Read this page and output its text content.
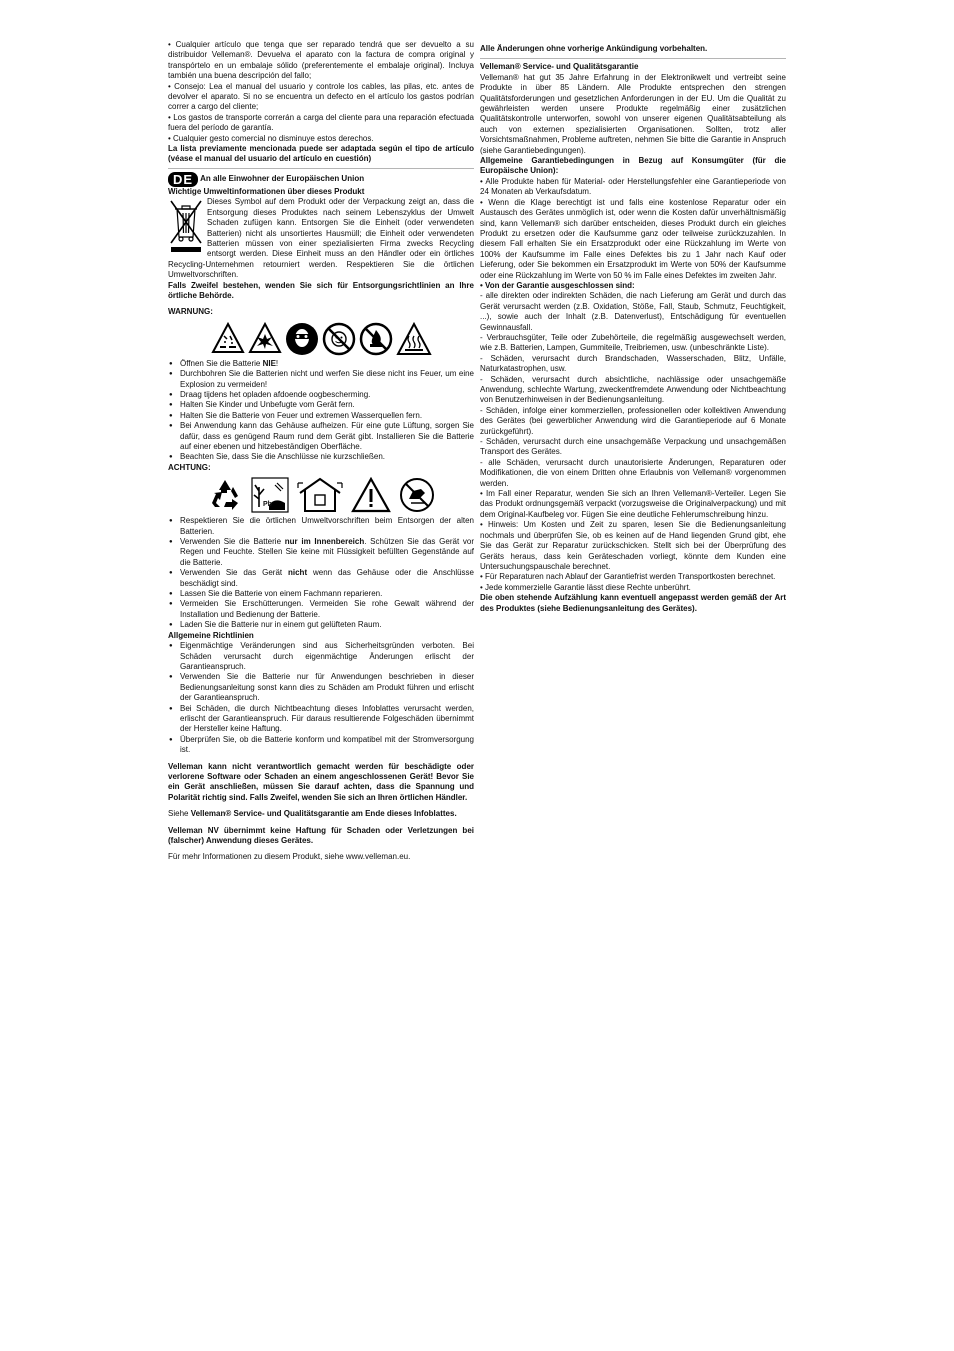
• Cualquier artículo que tenga que ser reparado tendrá que ser devuelto a su distribuidor Velleman®. Devuelva el aparato con la factura de compra original y transpórtelo en un embalaje sólido (preferentemente el embalaje original). Incluya también una buena descripción del fallo;

• Consejo: Lea el manual del usuario y controle los cables, las pilas, etc. antes de devolver el aparato. Si no se encuentra un defecto en el artículo los gastos podrían correr a cargo del cliente;

• Los gastos de transporte correrán a carga del cliente para una reparación efectuada fuera del período de garantía.

• Cualquier gesto comercial no disminuye estos derechos.

La lista previamente mencionada puede ser adaptada según el tipo de artículo (véase el manual del usuario del artículo en cuestión)

DE An alle Einwohner der Europäischen Union

Wichtige Umweltinformationen über dieses Produkt

Dieses Symbol auf dem Produkt oder der Verpackung zeigt an, dass die Entsorgung dieses Produktes nach seinem Lebenszyklus der Umwelt Schaden zufügen kann. Entsorgen Sie die Einheit (oder verwendeten Batterien) nicht als unsortiertes Hausmüll; die Einheit oder verwendeten Batterien müssen von einer spezialisierten Firma zwecks Recycling entsorgt werden. Diese Einheit muss an den Händler oder ein örtliches Recycling-Unternehmen retourniert werden. Respektieren Sie die örtlichen Umweltvorschriften.

Falls Zweifel bestehen, wenden Sie sich für Entsorgungsrichtlinien an Ihre örtliche Behörde.

WARNUNG:

● Öffnen Sie die Batterie NIE!
● Durchbohren Sie die Batterien nicht und werfen Sie diese nicht ins Feuer, um eine Explosion zu vermeiden!
● Draag tijdens het opladen afdoende oogbescherming.
● Halten Sie Kinder und Unbefugte vom Gerät fern.
● Halten Sie die Batterie von Feuer und extremen Wasserquellen fern.
● Bei Anwendung kann das Gehäuse aufheizen. Für eine gute Lüftung, sorgen Sie dafür, dass es genügend Raum rund dem Gerät gibt. Installieren Sie die Batterie auf einer ebenen und hitzebeständigen Oberfläche.
● Beachten Sie, dass Sie die Anschlüsse nie kurzschließen.

ACHTUNG:

Pb
● Respektieren Sie die örtlichen Umweltvorschriften beim Entsorgen der alten Batterien.
● Verwenden Sie die Batterie nur im Innenbereich. Schützen Sie das Gerät vor Regen und Feuchte. Stellen Sie keine mit Flüssigkeit befüllten Gegenstände auf die Batterie.
● Verwenden Sie das Gerät nicht wenn das Gehäuse oder die Anschlüsse beschädigt sind.
● Lassen Sie die Batterie von einem Fachmann reparieren.
● Vermeiden Sie Erschütterungen. Vermeiden Sie rohe Gewalt während der Installation und Bedienung der Batterie.
● Laden Sie die Batterie nur in einem gut gelüfteten Raum.

Allgemeine Richtlinien

● Eigenmächtige Veränderungen sind aus Sicherheitsgründen verboten. Bei Schäden verursacht durch eigenmächtige Änderungen erlischt der Garantieanspruch.
● Verwenden Sie die Batterie nur für Anwendungen beschrieben in dieser Bedienungsanleitung sonst kann dies zu Schäden am Produkt führen und erlischt der Garantieanspruch.
● Bei Schäden, die durch Nichtbeachtung dieses Infoblattes verursacht werden, erlischt der Garantieanspruch. Für daraus resultierende Folgeschäden übernimmt der Hersteller keine Haftung.
● Überprüfen Sie, ob die Batterie konform und kompatibel mit der Stromversorgung ist.

Velleman kann nicht verantwortlich gemacht werden für beschädigte oder verlorene Software oder Schaden an einem angeschlossenen Gerät! Bevor Sie ein Gerät anschließen, müssen Sie darauf achten, dass die Spannung und Polarität richtig sind. Falls Zweifel, wenden Sie sich an Ihren örtlichen Händler.

Siehe Velleman® Service- und Qualitätsgarantie am Ende dieses Infoblattes.

Velleman NV übernimmt keine Haftung für Schaden oder Verletzungen bei (falscher) Anwendung dieses Gerätes.

Für mehr Informationen zu diesem Produkt, siehe www.velleman.eu.

Alle Änderungen ohne vorherige Ankündigung vorbehalten.

Velleman® Service- und Qualitätsgarantie

Velleman® hat gut 35 Jahre Erfahrung in der Elektronikwelt und vertreibt seine Produkte in über 85 Ländern. Alle Produkte entsprechen den strengen Qualitätsforderungen und gesetzlichen Anforderungen in der EU. Um die Qualität zu gewährleisten werden unsere Produkte regelmäßig einer zusätzlichen Qualitätskontrolle unterworfen, sowohl von unserer eigenen Qualitätsabteilung als auch von externen spezialisierten Organisationen. Sollten, trotz aller Vorsichtsmaßnahmen, Probleme auftreten, nehmen Sie bitte die Garantie in Anspruch (siehe Garantiebedingungen).

Allgemeine Garantiebedingungen in Bezug auf Konsumgüter (für die Europäische Union):

• Alle Produkte haben für Material- oder Herstellungsfehler eine Garantieperiode von 24 Monaten ab Verkaufsdatum.

• Wenn die Klage berechtigt ist und falls eine kostenlose Reparatur oder ein Austausch des Gerätes unmöglich ist, oder wenn die Kosten dafür unverhältnismäßig sind, kann Velleman® sich darüber entscheiden, dieses Produkt durch ein gleiches Produkt zu ersetzen oder die Kaufsumme ganz oder teilweise zurückzuzahlen. In diesem Fall erhalten Sie ein Ersatzprodukt oder eine Rückzahlung im Werte von 100% der Kaufsumme im Falle eines Defektes bis zu 1 Jahr nach Kauf oder Lieferung, oder Sie bekommen ein Ersatzprodukt im Werte von 50% der Kaufsumme oder eine Rückzahlung im Werte von 50 % im Falle eines Defektes im zweiten Jahr.

• Von der Garantie ausgeschlossen sind:

- alle direkten oder indirekten Schäden, die nach Lieferung am Gerät und durch das Gerät verursacht werden (z.B. Oxidation, Stöße, Fall, Staub, Schmutz, Feuchtigkeit, ...), sowie auch der Inhalt (z.B. Datenverlust), Entschädigung für eventuellen Gewinnausfall.

- Verbrauchsgüter, Teile oder Zubehörteile, die regelmäßig ausgewechselt werden, wie z.B. Batterien, Lampen, Gummiteile, Treibriemen, usw. (unbeschränkte Liste).

- Schäden, verursacht durch Brandschaden, Wasserschaden, Blitz, Unfälle, Naturkatastrophen, usw.

- Schäden, verursacht durch absichtliche, nachlässige oder unsachgemäße Anwendung, schlechte Wartung, zweckentfremdete Anwendung oder Nichtbeachtung von Benutzerhinweisen in der Bedienungsanleitung.

- Schäden, infolge einer kommerziellen, professionellen oder kollektiven Anwendung des Gerätes (bei gewerblicher Anwendung wird die Garantieperiode auf 6 Monate zurückgeführt).

- Schäden, verursacht durch eine unsachgemäße Verpackung und unsachgemäßen Transport des Gerätes.

- alle Schäden, verursacht durch unautorisierte Änderungen, Reparaturen oder Modifikationen, die von einem Dritten ohne Erlaubnis von Velleman® vorgenommen werden.

• Im Fall einer Reparatur, wenden Sie sich an Ihren Velleman®-Verteiler. Legen Sie das Produkt ordnungsgemäß verpackt (vorzugsweise die Originalverpackung) und mit dem Original-Kaufbeleg vor. Fügen Sie eine deutliche Fehlerumschreibung hinzu.

• Hinweis: Um Kosten und Zeit zu sparen, lesen Sie die Bedienungsanleitung nochmals und überprüfen Sie, ob es keinen auf de Hand liegenden Grund gibt, ehe Sie das Gerät zur Reparatur zurückschicken. Stellt sich bei der Überprüfung des Geräts heraus, dass kein Geräteschaden vorliegt, könnte dem Kunden eine Untersuchungspauschale berechnet.

• Für Reparaturen nach Ablauf der Garantiefrist werden Transportkosten berechnet.

• Jede kommerzielle Garantie lässt diese Rechte unberührt.

Die oben stehende Aufzählung kann eventuell angepasst werden gemäß der Art des Produktes (siehe Bedienungsanleitung des Gerätes).
